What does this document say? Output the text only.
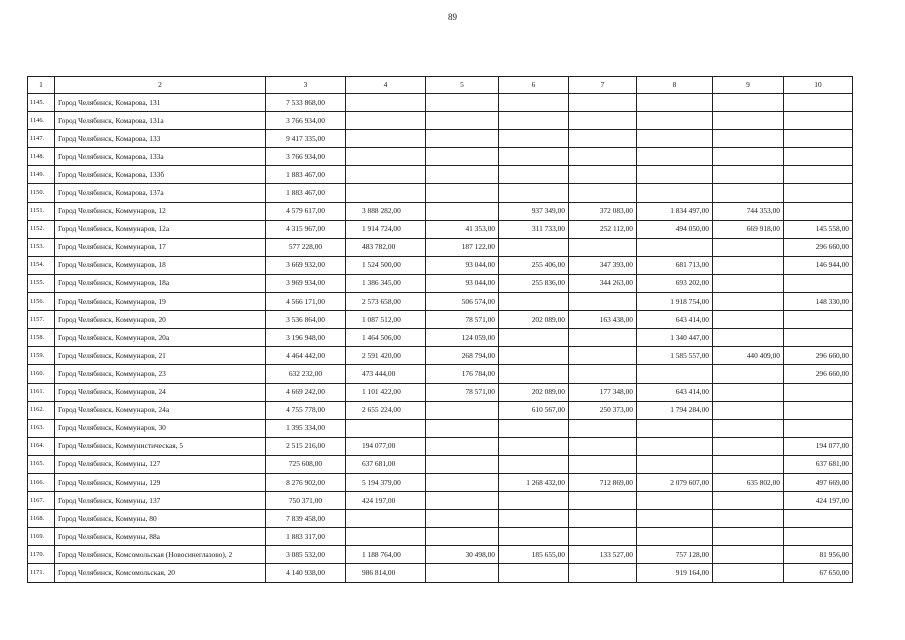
89
1	2	3	4	5	6	7	8	9	10
1145.	Город Челябинск, Комарова, 131	7 533 868,00							
1146.	Город Челябинск, Комарова, 131а	3 766 934,00							
1147.	Город Челябинск, Комарова, 133	9 417 335,00							
1148.	Город Челябинск, Комарова, 133а	3 766 934,00							
1149.	Город Челябинск, Комарова, 133б	1 883 467,00							
1150.	Город Челябинск, Комарова, 137а	1 883 467,00							
1151.	Город Челябинск, Коммунаров, 12	4 579 617,00	3 888 282,00		937 349,00	372 083,00	1 834 497,00	744 353,00	
1152.	Город Челябинск, Коммунаров, 12а	4 315 967,00	1 914 724,00	41 353,00	311 733,00	252 112,00	494 050,00	669 918,00	145 558,00
1153.	Город Челябинск, Коммунаров, 17	577 228,00	483 782,00	187 122,00					296 660,00
1154.	Город Челябинск, Коммунаров, 18	3 669 932,00	1 524 500,00	93 044,00	255 406,00	347 393,00	681 713,00		146 944,00
1155.	Город Челябинск, Коммунаров, 18а	3 969 934,00	1 386 345,00	93 044,00	255 836,00	344 263,00	693 202,00		
1156.	Город Челябинск, Коммунаров, 19	4 566 171,00	2 573 658,00	506 574,00			1 918 754,00		148 330,00
1157.	Город Челябинск, Коммунаров, 20	3 536 864,00	1 087 512,00	78 571,00	202 089,00	163 438,00	643 414,00		
1158.	Город Челябинск, Коммунаров, 20а	3 196 948,00	1 464 506,00	124 059,00			1 340 447,00		
1159.	Город Челябинск, Коммунаров, 21	4 464 442,00	2 591 420,00	268 794,00			1 585 557,00	440 409,00	296 660,00
1160.	Город Челябинск, Коммунаров, 23	632 232,00	473 444,00	176 784,00					296 660,00
1161.	Город Челябинск, Коммунаров, 24	4 669 242,00	1 101 422,00	78 571,00	202 089,00	177 348,00	643 414,00		
1162.	Город Челябинск, Коммунаров, 24а	4 755 778,00	2 655 224,00		610 567,00	250 373,00	1 794 284,00		
1163.	Город Челябинск, Коммунаров, 30	1 395 334,00							
1164.	Город Челябинск, Коммунистическая, 5	2 515 216,00	194 077,00						194 077,00
1165.	Город Челябинск, Коммуны, 127	725 608,00	637 681,00						637 681,00
1166.	Город Челябинск, Коммуны, 129	8 276 902,00	5 194 379,00		1 268 432,00	712 869,00	2 079 607,00	635 802,00	497 669,00
1167.	Город Челябинск, Коммуны, 137	750 371,00	424 197,00						424 197,00
1168.	Город Челябинск, Коммуны, 80	7 839 458,00							
1169.	Город Челябинск, Коммуны, 88а	1 883 317,00							
1170.	Город Челябинск, Комсомольская (Новосинеглазово), 2	3 085 532,00	1 188 764,00	30 498,00	185 655,00	133 527,00	757 128,00		81 956,00
1171.	Город Челябинск, Комсомольская, 20	4 140 938,00	986 814,00				919 164,00		67 650,00
